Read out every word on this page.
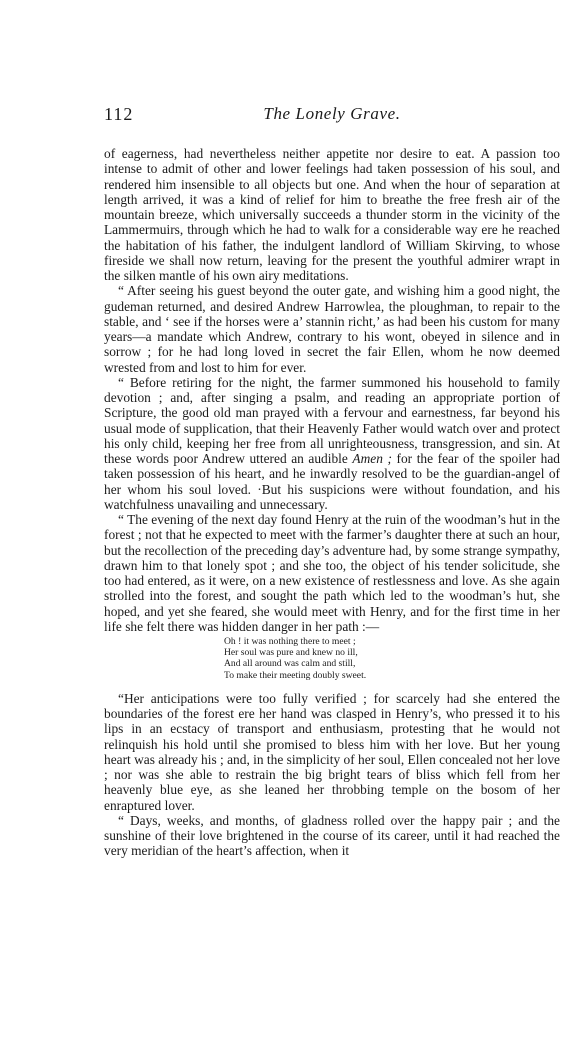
112	The Lonely Grave.

of eagerness, had nevertheless neither appetite nor desire to eat. A passion too intense to admit of other and lower feelings had taken possession of his soul, and rendered him insensible to all objects but one. And when the hour of separation at length arrived, it was a kind of relief for him to breathe the free fresh air of the mountain breeze, which universally succeeds a thunder storm in the vicinity of the Lammermuirs, through which he had to walk for a considerable way ere he reached the habitation of his father, the indulgent landlord of William Skirving, to whose fireside we shall now return, leaving for the present the youthful admirer wrapt in the silken mantle of his own airy meditations.

“ After seeing his guest beyond the outer gate, and wishing him a good night, the gudeman returned, and desired Andrew Harrowlea, the ploughman, to repair to the stable, and ‘ see if the horses were a’ stannin richt,’ as had been his custom for many years—a mandate which Andrew, contrary to his wont, obeyed in silence and in sorrow ; for he had long loved in secret the fair Ellen, whom he now deemed wrested from and lost to him for ever.

“ Before retiring for the night, the farmer summoned his household to family devotion ; and, after singing a psalm, and reading an appropriate portion of Scripture, the good old man prayed with a fervour and earnestness, far beyond his usual mode of supplication, that their Heavenly Father would watch over and protect his only child, keeping her free from all unrighteousness, transgression, and sin. At these words poor Andrew uttered an audible Amen ; for the fear of the spoiler had taken possession of his heart, and he inwardly resolved to be the guardian-angel of her whom his soul loved. ·But his suspicions were without foundation, and his watchfulness unavailing and unnecessary.

“ The evening of the next day found Henry at the ruin of the woodman’s hut in the forest ; not that he expected to meet with the farmer’s daughter there at such an hour, but the recollection of the preceding day’s adventure had, by some strange sympathy, drawn him to that lonely spot ; and she too, the object of his tender solicitude, she too had entered, as it were, on a new existence of restlessness and love. As she again strolled into the forest, and sought the path which led to the woodman’s hut, she hoped, and yet she feared, she would meet with Henry, and for the first time in her life she felt there was hidden danger in her path :—

Oh ! it was nothing there to meet ;
Her soul was pure and knew no ill,
And all around was calm and still,
To make their meeting doubly sweet.

“Her anticipations were too fully verified ; for scarcely had she entered the boundaries of the forest ere her hand was clasped in Henry’s, who pressed it to his lips in an ecstacy of transport and enthusiasm, protesting that he would not relinquish his hold until she promised to bless him with her love. But her young heart was already his ; and, in the simplicity of her soul, Ellen concealed not her love ; nor was she able to restrain the big bright tears of bliss which fell from her heavenly blue eye, as she leaned her throbbing temple on the bosom of her enraptured lover.

“ Days, weeks, and months, of gladness rolled over the happy pair ; and the sunshine of their love brightened in the course of its career, until it had reached the very meridian of the heart’s affection, when it
